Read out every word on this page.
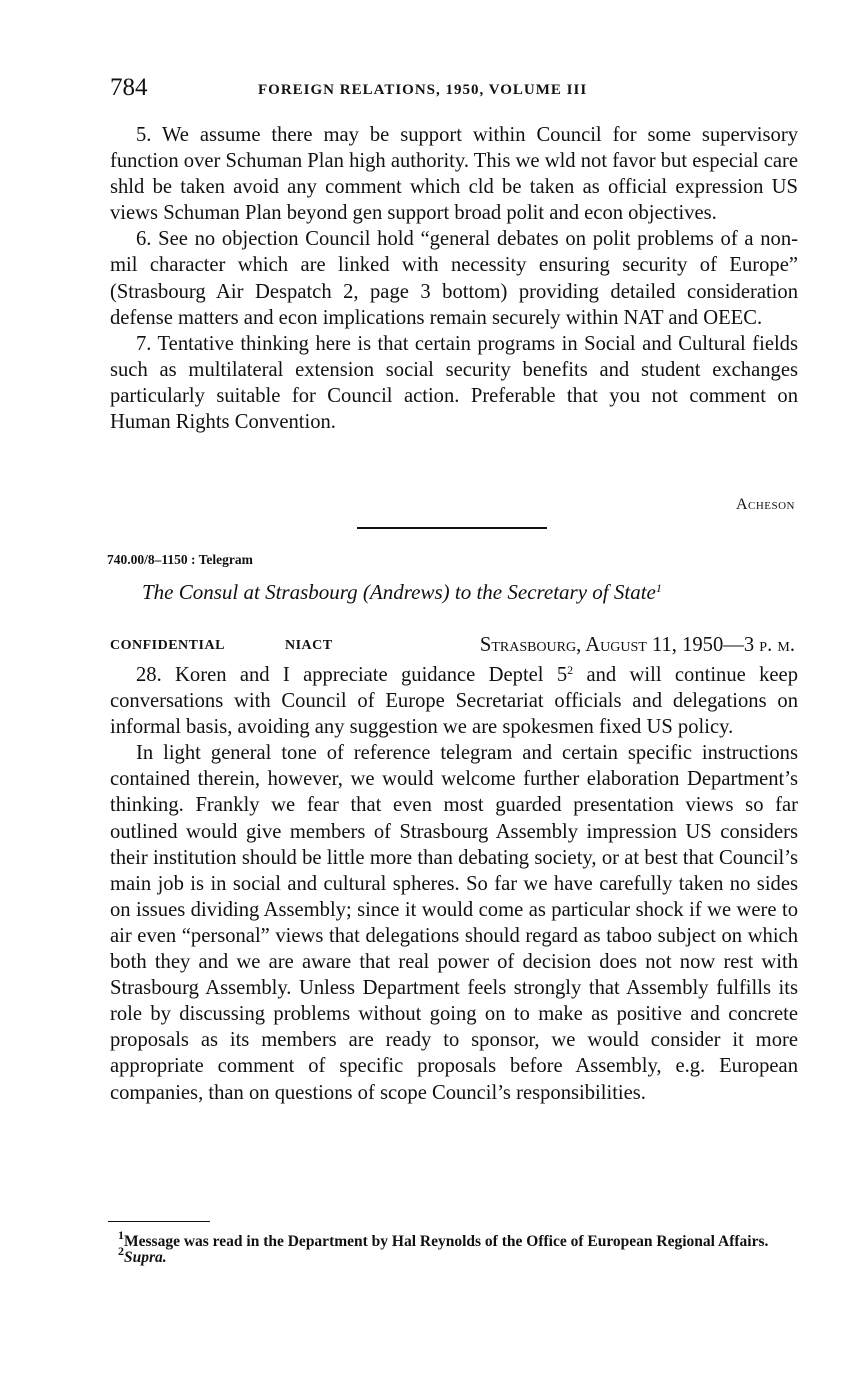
784	FOREIGN RELATIONS, 1950, VOLUME III

5. We assume there may be support within Council for some supervisory function over Schuman Plan high authority. This we wld not favor but especial care shld be taken avoid any comment which cld be taken as official expression US views Schuman Plan beyond gen support broad polit and econ objectives.

6. See no objection Council hold “general debates on polit problems of a non-mil character which are linked with necessity ensuring security of Europe” (Strasbourg Air Despatch 2, page 3 bottom) providing detailed consideration defense matters and econ implications remain securely within NAT and OEEC.

7. Tentative thinking here is that certain programs in Social and Cultural fields such as multilateral extension social security benefits and student exchanges particularly suitable for Council action. Preferable that you not comment on Human Rights Convention.

Acheson
740.00/8–1150 : Telegram
The Consul at Strasbourg (Andrews) to the Secretary of State$^1$
CONFIDENTIAL	NIACT	Strasbourg, August 11, 1950—3 p. m.

28. Koren and I appreciate guidance Deptel $5^2$ and will continue keep conversations with Council of Europe Secretariat officials and delegations on informal basis, avoiding any suggestion we are spokesmen fixed US policy.

In light general tone of reference telegram and certain specific instructions contained therein, however, we would welcome further elaboration Department’s thinking. Frankly we fear that even most guarded presentation views so far outlined would give members of Strasbourg Assembly impression US considers their institution should be little more than debating society, or at best that Council’s main job is in social and cultural spheres. So far we have carefully taken no sides on issues dividing Assembly; since it would come as particular shock if we were to air even “personal” views that delegations should regard as taboo subject on which both they and we are aware that real power of decision does not now rest with Strasbourg Assembly. Unless Department feels strongly that Assembly fulfills its role by discussing problems without going on to make as positive and concrete proposals as its members are ready to sponsor, we would consider it more appropriate comment of specific proposals before Assembly, e.g. European companies, than on questions of scope Council’s responsibilities.

$^1$Message was read in the Department by Hal Reynolds of the Office of European Regional Affairs.

$^2$Supra.
